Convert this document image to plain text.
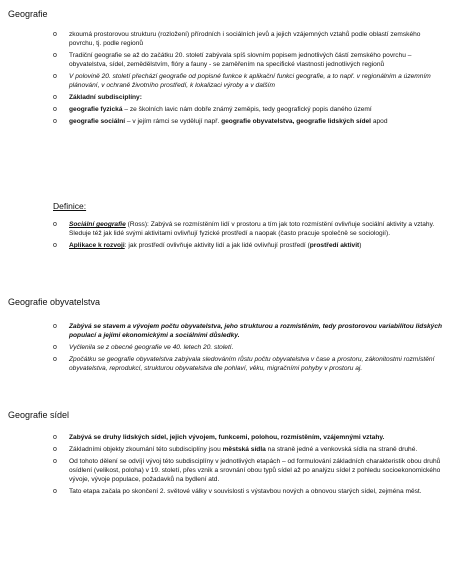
Geografie
o zkoumá prostorovou strukturu (rozložení) přírodních i sociálních jevů a jejich vzájemných vztahů podle oblastí zemského povrchu, tj. podle regionů
o Tradiční geografie se až do začátku 20. století zabývala spíš slovním popisem jednotlivých částí zemského povrchu – obyvatelstva, sídel, zemědělstvím, flóry a fauny - se zaměřením na specifické vlastnosti jednotlivých regionů
o V polovině 20. století přechází geografie od popisné funkce k aplikační funkci geografie, a to např. v regionálním a územním plánování, v ochraně životního prostředí, k lokalizaci výroby a v dalším
o Základní subdisciplíny:
o geografie fyzická – ze školních lavic nám dobře známý zeměpis, tedy geografický popis daného území
o geografie sociální – v jejím rámci se vydělují např. geografie obyvatelstva, geografie lidských sídel apod

Definice:

o Sociální geografie (Ross): Zabývá se rozmístěním lidí v prostoru a tím jak toto rozmístění ovlivňuje sociální aktivity a vztahy. Sleduje též jak lidé svými aktivitami ovlivňují fyzické prostředí a naopak (často pracuje společně se sociologií).
o Aplikace k rozvoji: jak prostředí ovlivňuje aktivity lidí a jak lidé ovlivňují prostředí (prostředí aktivit)
Geografie obyvatelstva
o Zabývá se stavem a vývojem počtu obyvatelstva, jeho strukturou a rozmístěním, tedy prostorovou variabilitou lidských populací a jejími ekonomickými a sociálními důsledky.
o Vyčlenila se z obecné geografie ve 40. letech 20. století.
o Zpočátku se geografie obyvatelstva zabývala sledováním růstu počtu obyvatelstva v čase a prostoru, zákonitostmi rozmístění obyvatelstva, reprodukcí, strukturou obyvatelstva dle pohlaví, věku, migračními pohyby v prostoru aj.
Geografie sídel
o Zabývá se druhy lidských sídel, jejich vývojem, funkcemi, polohou, rozmístěním, vzájemnými vztahy.
o Základními objekty zkoumání této subdisciplíny jsou městská sídla na straně jedné a venkovská sídla na straně druhé.
o Od tohoto dělení se odvíjí vývoj této subdisciplíny v jednotlivých etapách – od formulování základních charakteristik obou druhů osídlení (velikost, poloha) v 19. století, přes vznik a srovnání obou typů sídel až po analýzu sídel z pohledu socioekonomického vývoje, vývoje populace, požadavků na bydlení atd.
o Tato etapa začala po skončení 2. světové války v souvislosti s výstavbou nových a obnovou starých sídel, zejména měst.
